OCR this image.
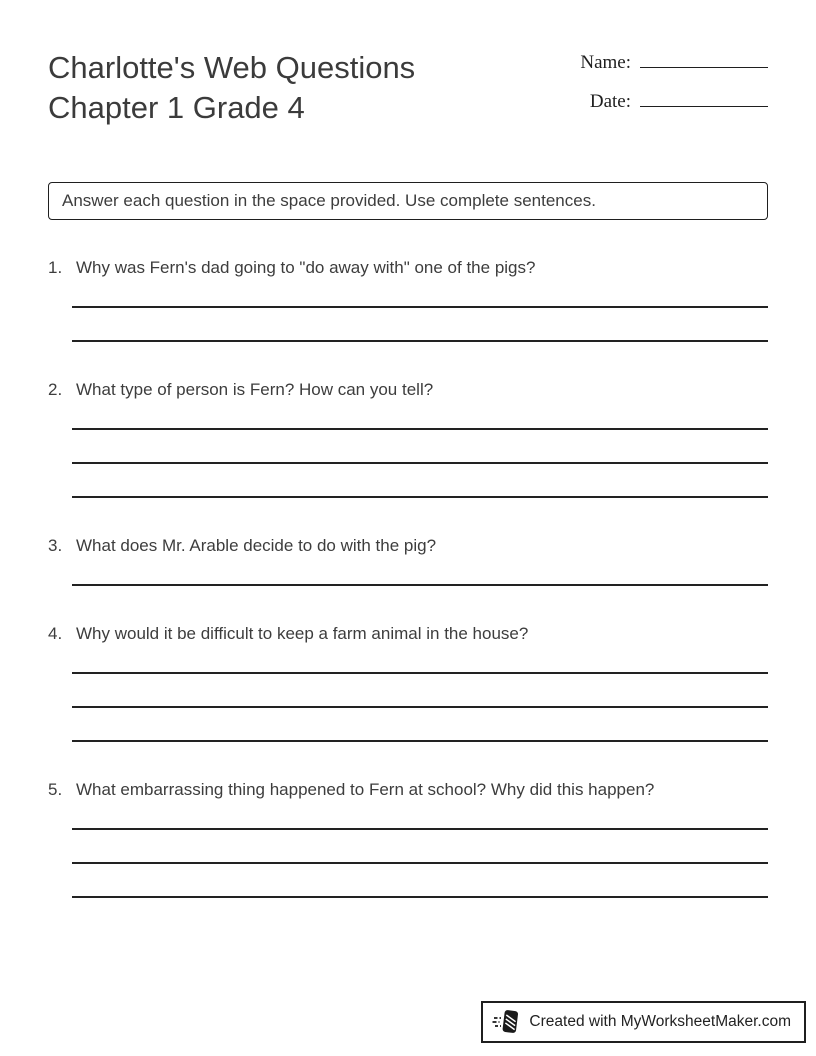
Charlotte's Web Questions
Chapter 1 Grade 4
Name:
Date:
Answer each question in the space provided. Use complete sentences.
1. Why was Fern's dad going to "do away with" one of the pigs?
2. What type of person is Fern? How can you tell?
3. What does Mr. Arable decide to do with the pig?
4. Why would it be difficult to keep a farm animal in the house?
5. What embarrassing thing happened to Fern at school? Why did this happen?
Created with MyWorksheetMaker.com
